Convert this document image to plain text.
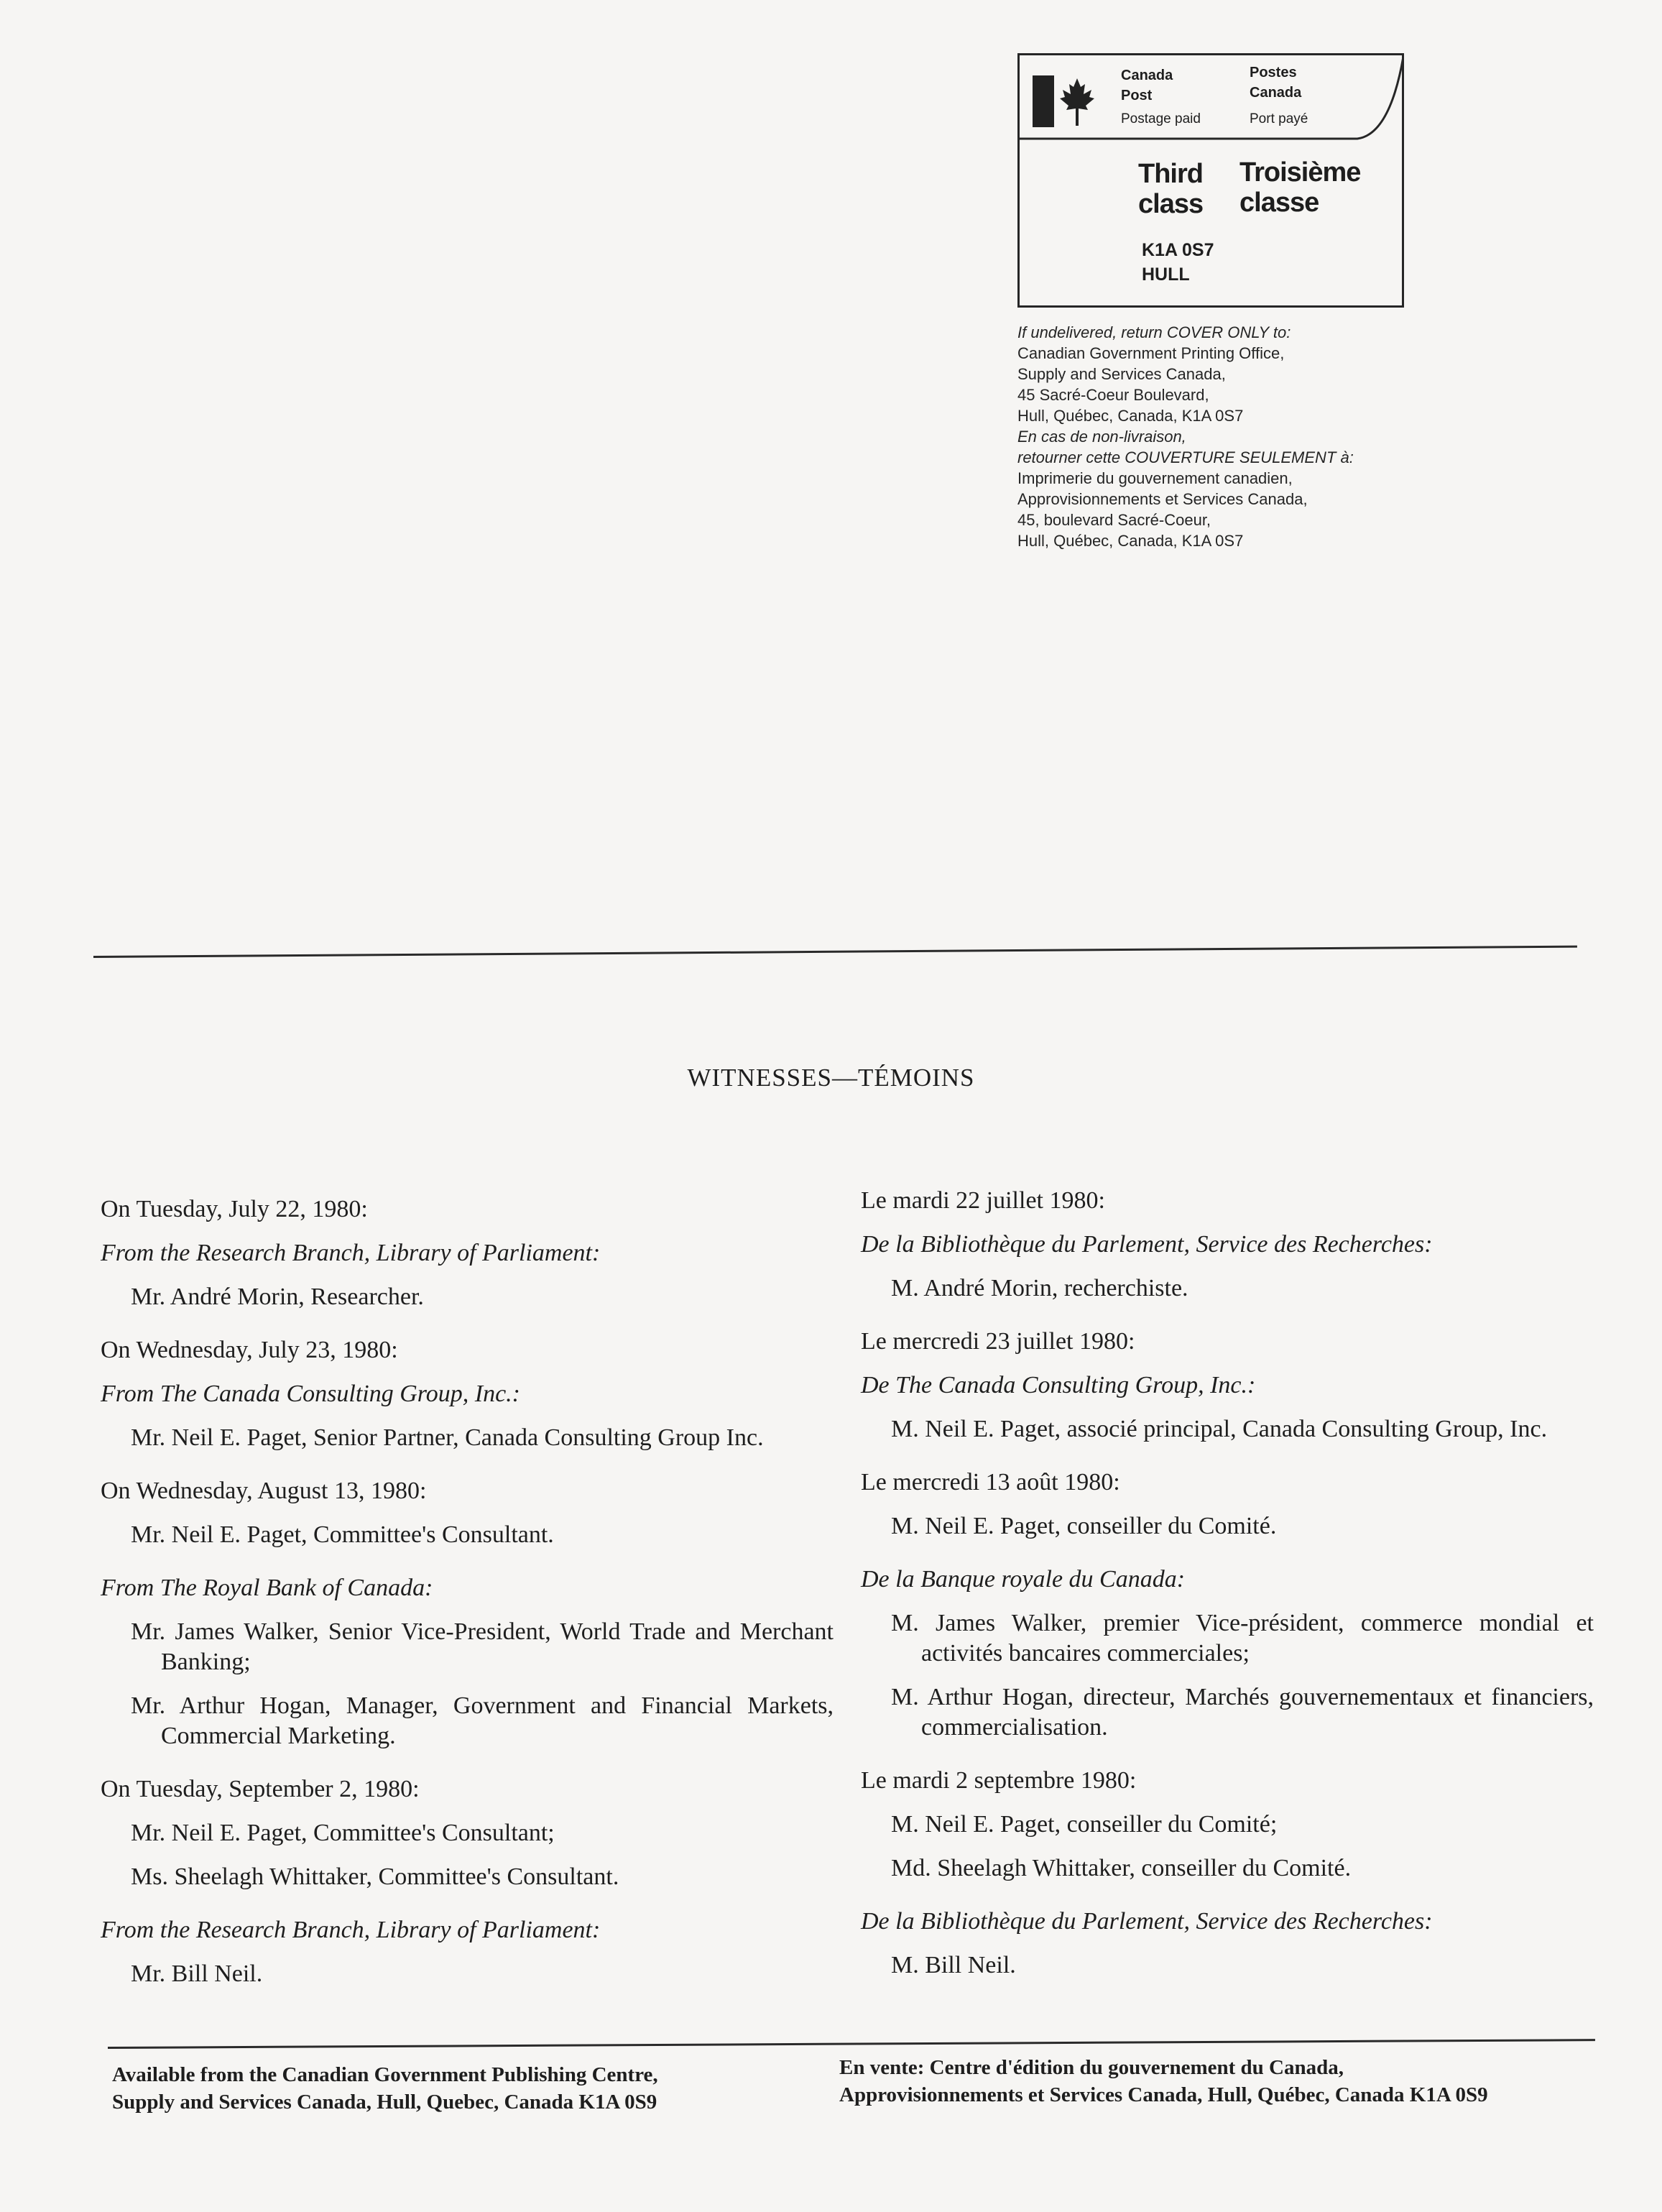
Canada
Post
Postes
Canada
Postage paid	Port payé
Third
class
Troisième
classe
K1A 0S7
HULL
If undelivered, return COVER ONLY to:
Canadian Government Printing Office,
Supply and Services Canada,
45 Sacré-Coeur Boulevard,
Hull, Québec, Canada, K1A 0S7
En cas de non-livraison,
retourner cette COUVERTURE SEULEMENT à:
Imprimerie du gouvernement canadien,
Approvisionnements et Services Canada,
45, boulevard Sacré-Coeur,
Hull, Québec, Canada, K1A 0S7
WITNESSES—TÉMOINS

On Tuesday, July 22, 1980:

From the Research Branch, Library of Parliament:

Mr. André Morin, Researcher.

On Wednesday, July 23, 1980:

From The Canada Consulting Group, Inc.:

Mr. Neil E. Paget, Senior Partner, Canada Consulting Group Inc.

On Wednesday, August 13, 1980:

Mr. Neil E. Paget, Committee's Consultant.

From The Royal Bank of Canada:

Mr. James Walker, Senior Vice-President, World Trade and Merchant Banking;

Mr. Arthur Hogan, Manager, Government and Financial Markets, Commercial Marketing.

On Tuesday, September 2, 1980:

Mr. Neil E. Paget, Committee's Consultant;

Ms. Sheelagh Whittaker, Committee's Consultant.

From the Research Branch, Library of Parliament:

Mr. Bill Neil.

Le mardi 22 juillet 1980:

De la Bibliothèque du Parlement, Service des Recherches:

M. André Morin, recherchiste.

Le mercredi 23 juillet 1980:

De The Canada Consulting Group, Inc.:

M. Neil E. Paget, associé principal, Canada Consulting Group, Inc.

Le mercredi 13 août 1980:

M. Neil E. Paget, conseiller du Comité.

De la Banque royale du Canada:

M. James Walker, premier Vice-président, commerce mondial et activités bancaires commerciales;

M. Arthur Hogan, directeur, Marchés gouvernementaux et financiers, commercialisation.

Le mardi 2 septembre 1980:

M. Neil E. Paget, conseiller du Comité;

Md. Sheelagh Whittaker, conseiller du Comité.

De la Bibliothèque du Parlement, Service des Recherches:

M. Bill Neil.

Available from the Canadian Government Publishing Centre,
Supply and Services Canada, Hull, Quebec, Canada K1A 0S9
En vente: Centre d'édition du gouvernement du Canada,
Approvisionnements et Services Canada, Hull, Québec, Canada K1A 0S9
